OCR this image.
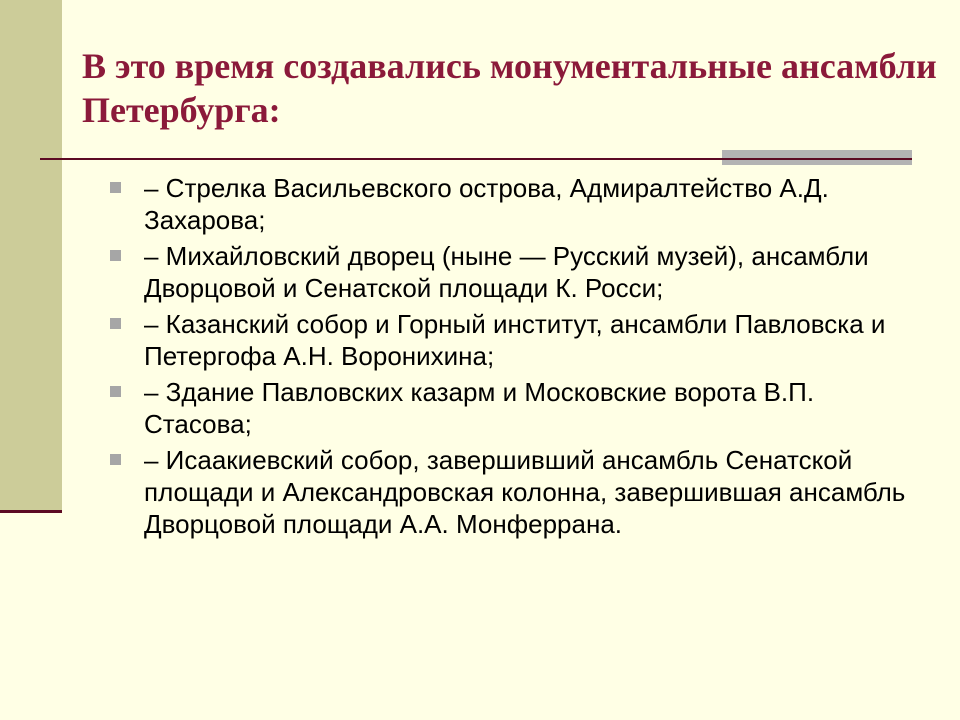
В это время создавались монументальные ансамбли Петербурга:
– Стрелка Васильевского острова, Адмиралтейство А.Д. Захарова;
– Михайловский дворец (ныне — Русский музей), ансамбли Дворцовой и Сенатской площади К. Росси;
– Казанский собор и Горный институт, ансамбли Павловска и Петергофа А.Н. Воронихина;
– Здание Павловских казарм и Московские ворота В.П. Стасова;
– Исаакиевский собор, завершивший ансамбль Сенатской площади и Александровская колонна, завершившая ансамбль Дворцовой площади А.А. Монферрана.
